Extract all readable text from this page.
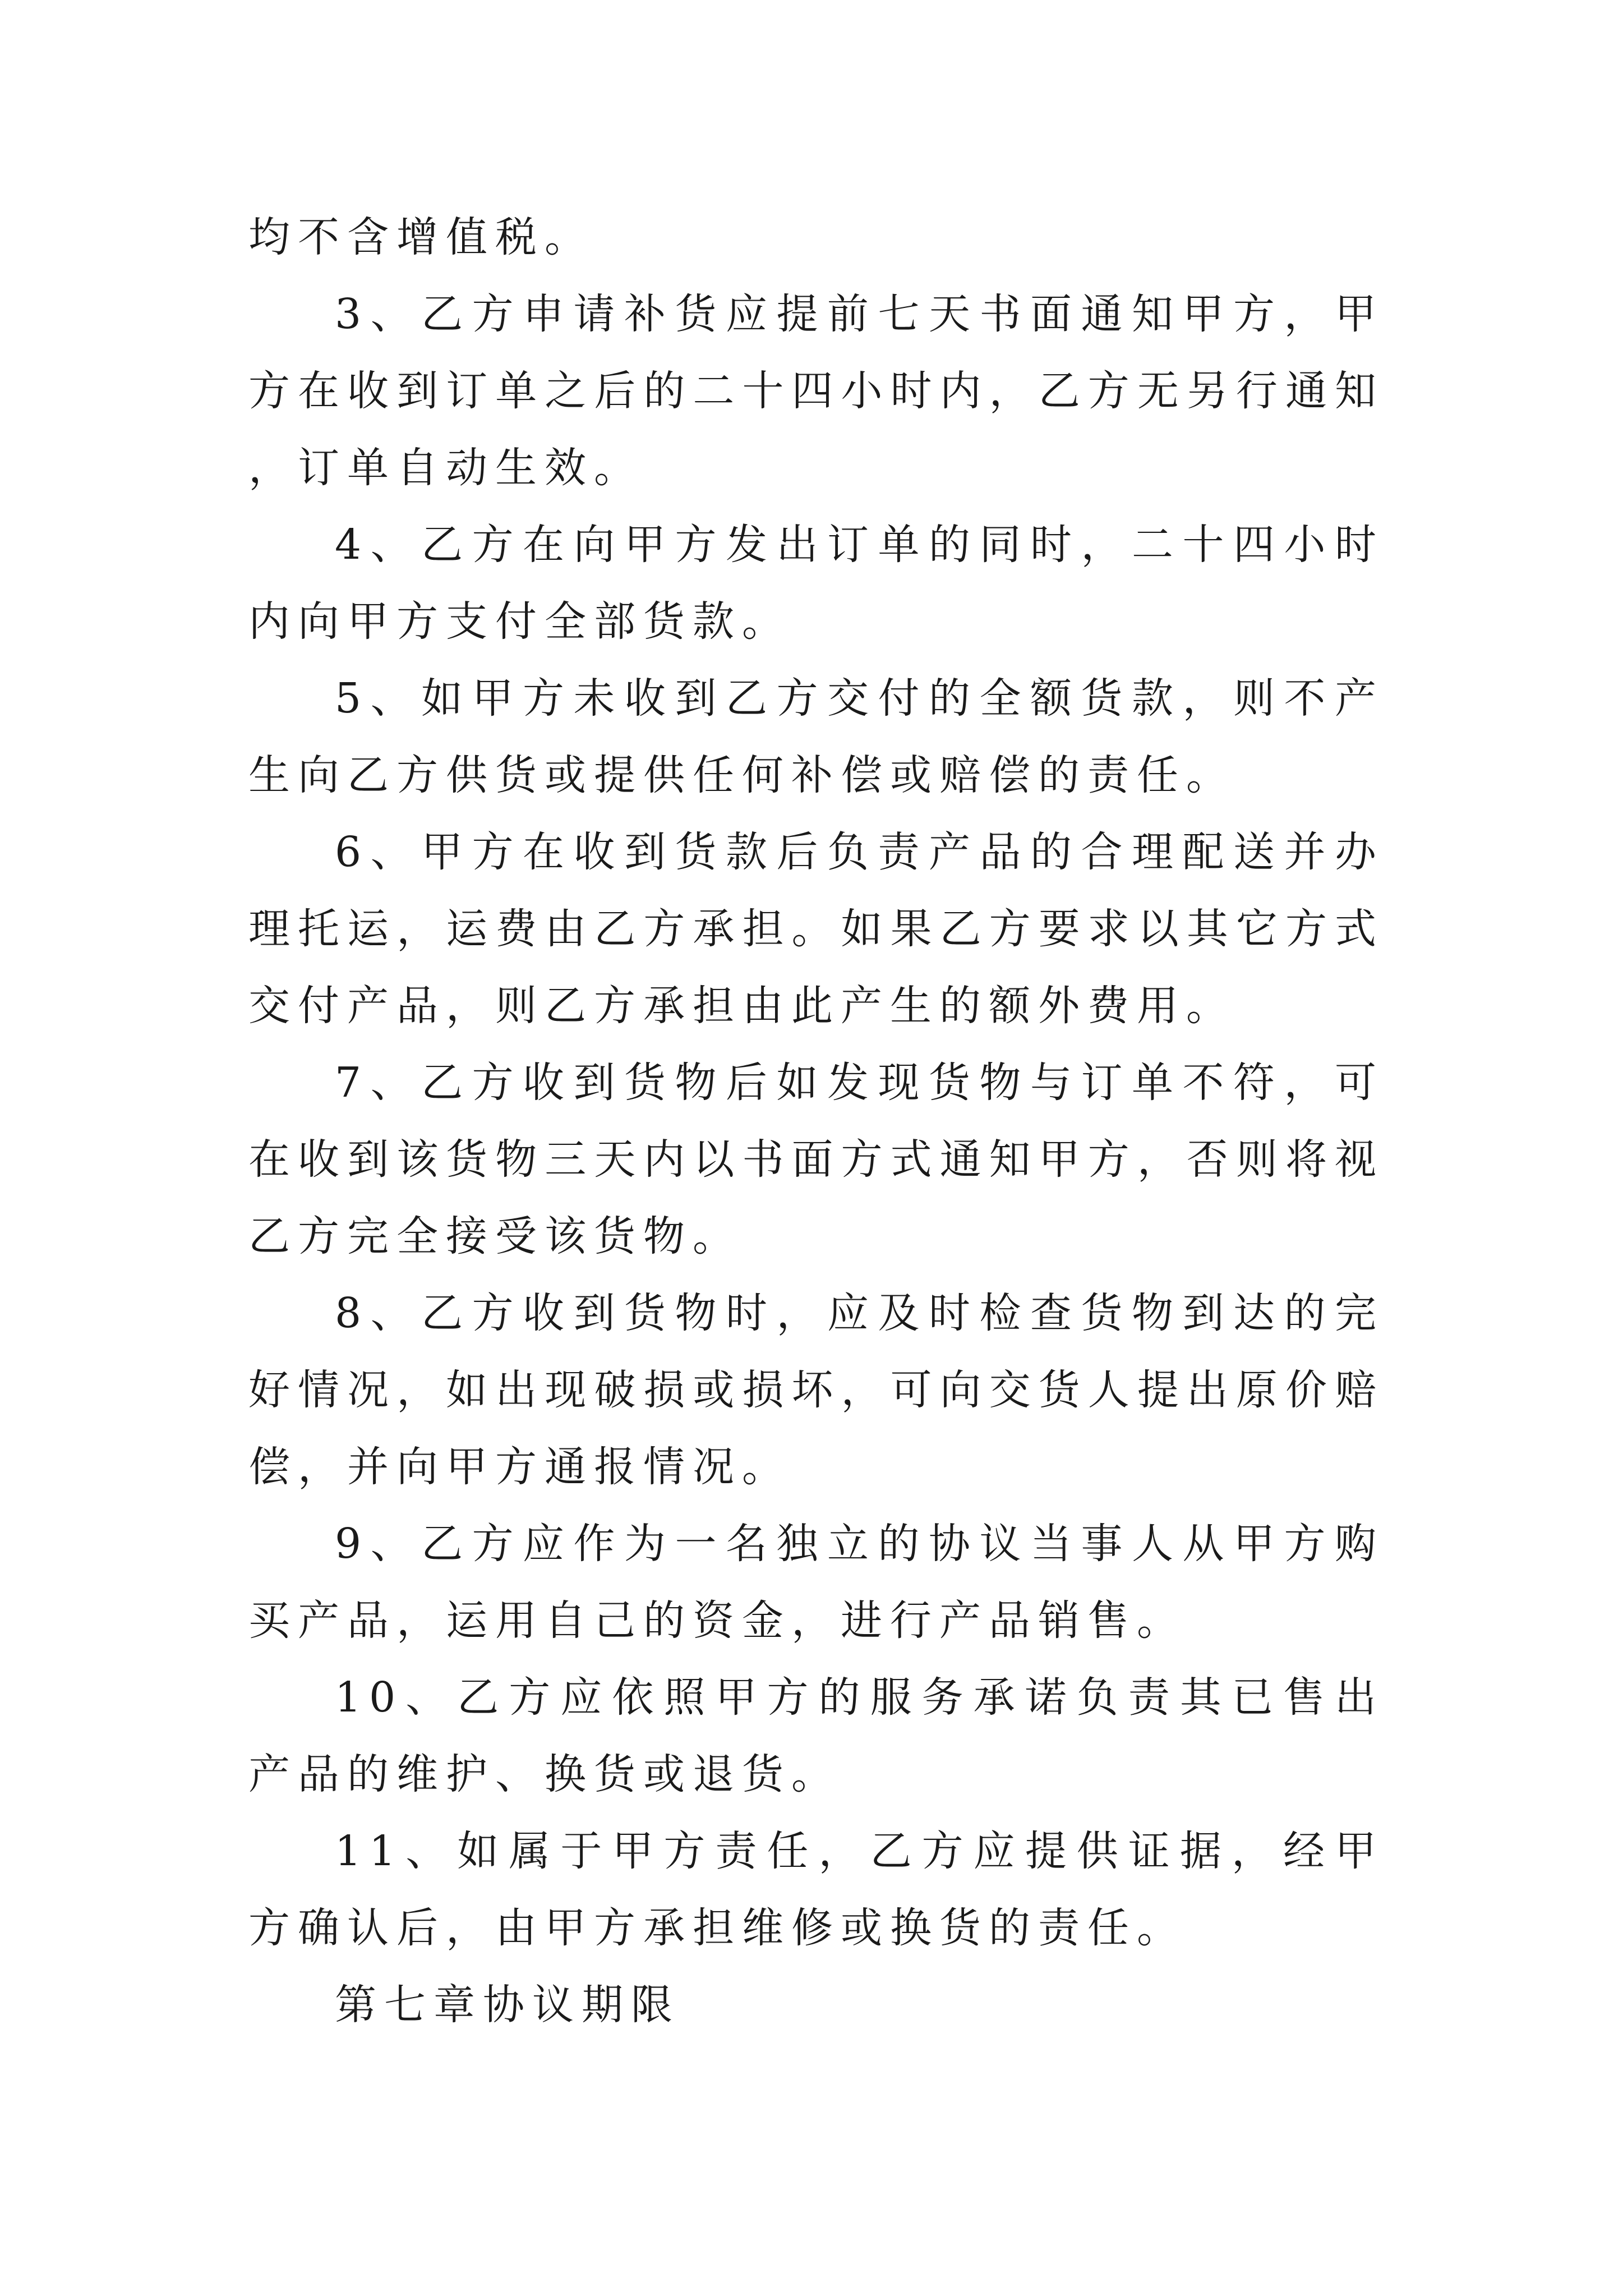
均不含增值税。

3、乙方申请补货应提前七天书面通知甲方，甲方在收到订单之后的二十四小时内，乙方无另行通知，订单自动生效。

4、乙方在向甲方发出订单的同时，二十四小时内向甲方支付全部货款。

5、如甲方未收到乙方交付的全额货款，则不产生向乙方供货或提供任何补偿或赔偿的责任。

6、甲方在收到货款后负责产品的合理配送并办理托运，运费由乙方承担。如果乙方要求以其它方式交付产品，则乙方承担由此产生的额外费用。

7、乙方收到货物后如发现货物与订单不符，可在收到该货物三天内以书面方式通知甲方，否则将视乙方完全接受该货物。

8、乙方收到货物时，应及时检查货物到达的完好情况，如出现破损或损坏，可向交货人提出原价赔偿，并向甲方通报情况。

9、乙方应作为一名独立的协议当事人从甲方购买产品，运用自己的资金，进行产品销售。

10、乙方应依照甲方的服务承诺负责其已售出产品的维护、换货或退货。

11、如属于甲方责任，乙方应提供证据，经甲方确认后，由甲方承担维修或换货的责任。

第七章协议期限
